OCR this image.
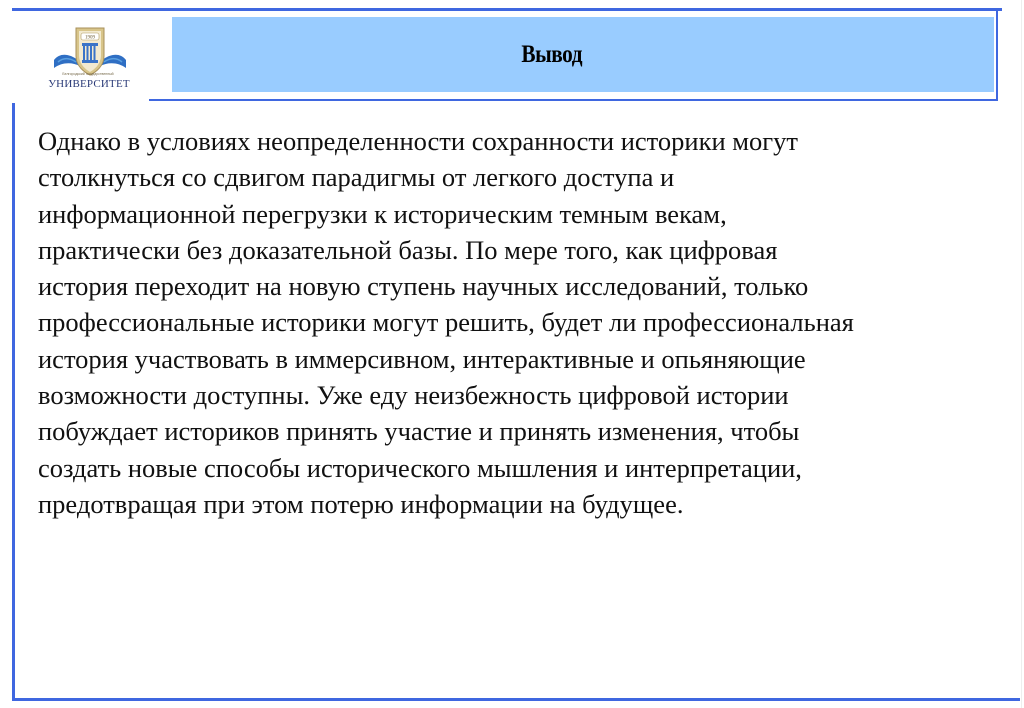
Вывод
1909
Белгородский государственный
УНИВЕРСИТЕТ

Однако в условиях неопределенности сохранности историки могут
столкнуться со сдвигом парадигмы от легкого доступа и
информационной перегрузки к историческим темным векам,
практически без доказательной базы. По мере того, как цифровая
история переходит на новую ступень научных исследований, только
профессиональные историки могут решить, будет ли профессиональная
история участвовать в иммерсивном, интерактивные и опьяняющие
возможности доступны. Уже еду неизбежность цифровой истории
побуждает историков принять участие и принять изменения, чтобы
создать новые способы исторического мышления и интерпретации,
предотвращая при этом потерю информации на будущее.
